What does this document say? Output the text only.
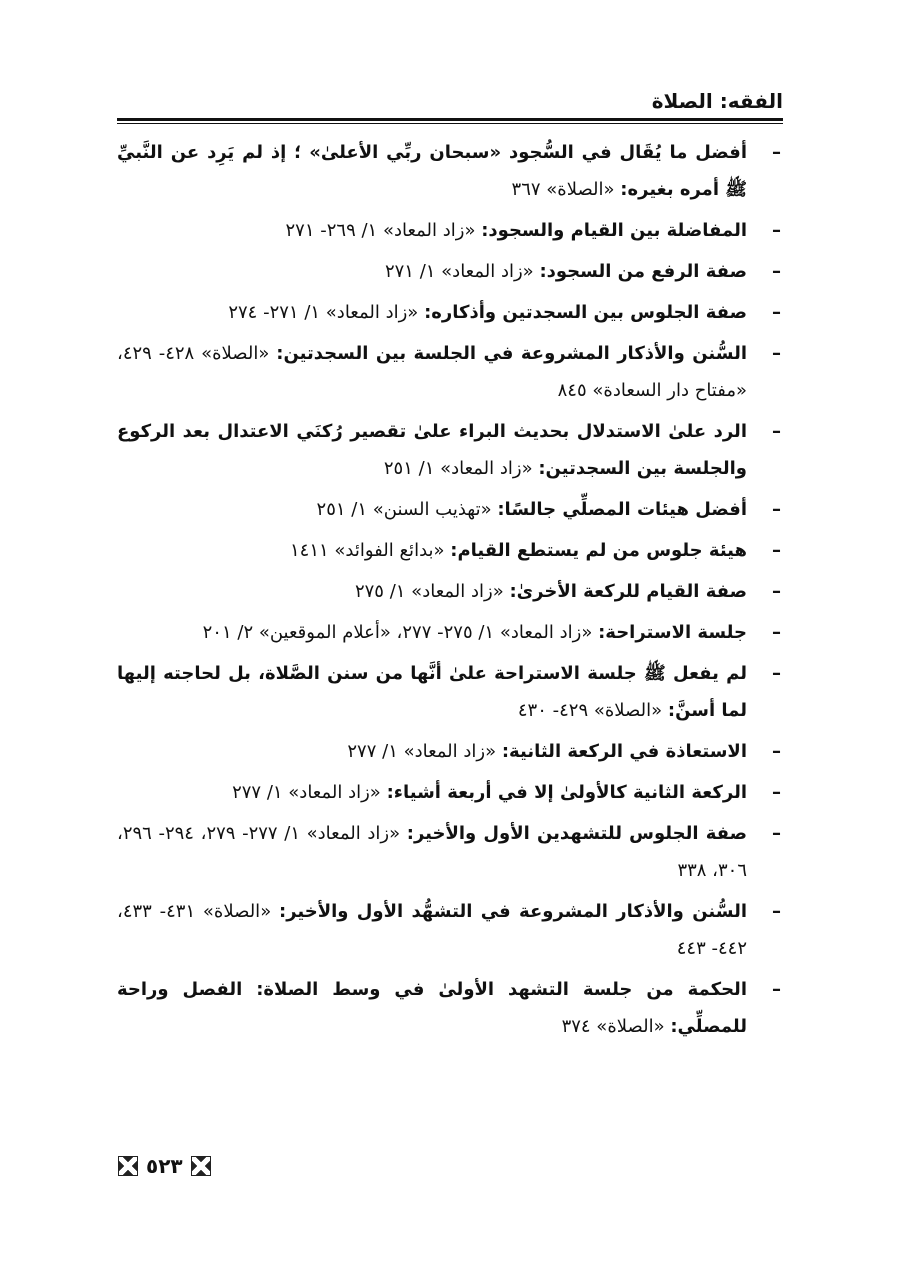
الفقه: الصلاة
–
أفضل ما يُقَال في السُّجود «سبحان ربِّي الأعلىٰ» ؛ إذ لم يَرِد عن النَّبيِّ ﷺ أمره بغيره: «الصلاة» ٣٦٧
–
المفاضلة بين القيام والسجود: «زاد المعاد» ١/ ٢٦٩- ٢٧١
–
صفة الرفع من السجود: «زاد المعاد» ١/ ٢٧١
–
صفة الجلوس بين السجدتين وأذكاره: «زاد المعاد» ١/ ٢٧١- ٢٧٤
–
السُّنن والأذكار المشروعة في الجلسة بين السجدتين: «الصلاة» ٤٢٨- ٤٢٩، «مفتاح دار السعادة» ٨٤٥
–
الرد علىٰ الاستدلال بحديث البراء علىٰ تقصير رُكنَي الاعتدال بعد الركوع والجلسة بين السجدتين: «زاد المعاد» ١/ ٢٥١
–
أفضل هيئات المصلِّي جالسًا: «تهذيب السنن» ١/ ٢٥١
–
هيئة جلوس من لم يستطع القيام: «بدائع الفوائد» ١٤١١
–
صفة القيام للركعة الأخرىٰ: «زاد المعاد» ١/ ٢٧٥
–
جلسة الاستراحة: «زاد المعاد» ١/ ٢٧٥- ٢٧٧، «أعلام الموقعين» ٢/ ٢٠١
–
لم يفعل ﷺ جلسة الاستراحة علىٰ أنَّها من سنن الصَّلاة، بل لحاجته إليها لما أسنَّ: «الصلاة» ٤٢٩- ٤٣٠
–
الاستعاذة في الركعة الثانية: «زاد المعاد» ١/ ٢٧٧
–
الركعة الثانية كالأولىٰ إلا في أربعة أشياء: «زاد المعاد» ١/ ٢٧٧
–
صفة الجلوس للتشهدين الأول والأخير: «زاد المعاد» ١/ ٢٧٧- ٢٧٩، ٢٩٤- ٢٩٦، ٣٠٦، ٣٣٨
–
السُّنن والأذكار المشروعة في التشهُّد الأول والأخير: «الصلاة» ٤٣١- ٤٣٣، ٤٤٢- ٤٤٣
–
الحكمة من جلسة التشهد الأولىٰ في وسط الصلاة: الفصل وراحة للمصلِّي: «الصلاة» ٣٧٤
٥٢٣
